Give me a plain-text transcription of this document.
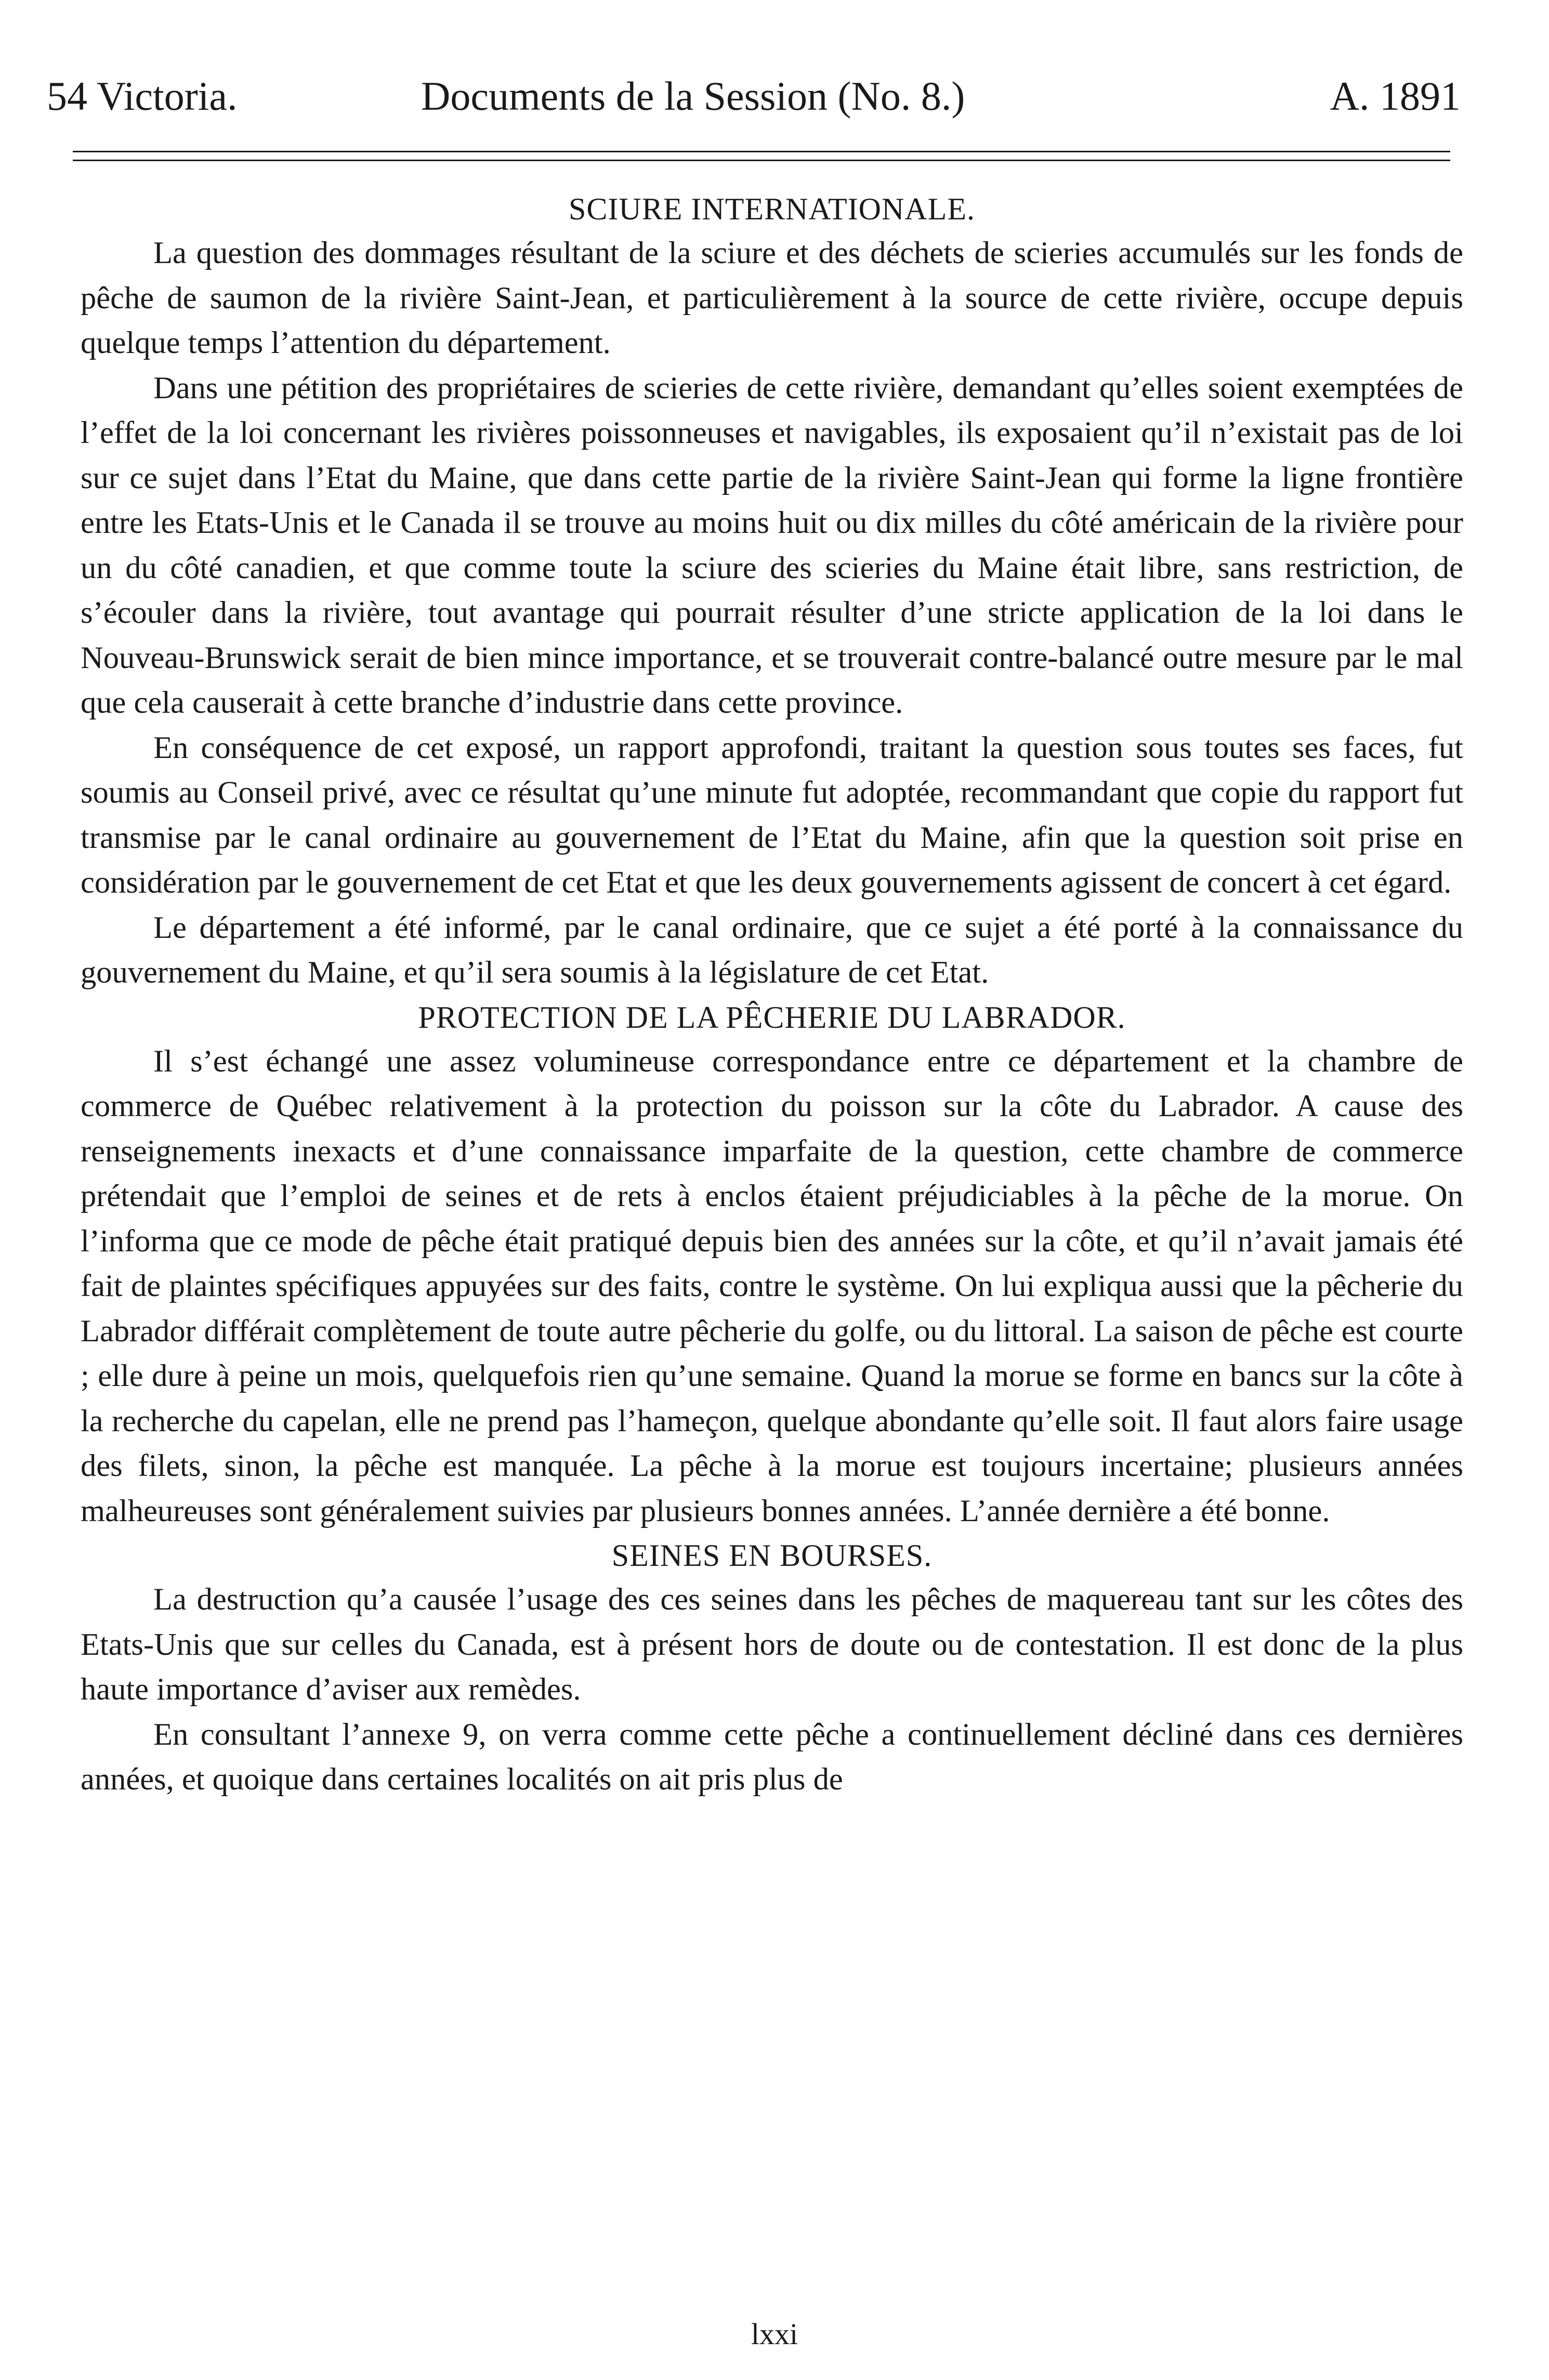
54 Victoria.	Documents de la Session (No. 8.)	A. 1891
SCIURE INTERNATIONALE.

La question des dommages résultant de la sciure et des déchets de scieries accumulés sur les fonds de pêche de saumon de la rivière Saint-Jean, et particulièrement à la source de cette rivière, occupe depuis quelque temps l’attention du département.

Dans une pétition des propriétaires de scieries de cette rivière, demandant qu’elles soient exemptées de l’effet de la loi concernant les rivières poissonneuses et navigables, ils exposaient qu’il n’existait pas de loi sur ce sujet dans l’Etat du Maine, que dans cette partie de la rivière Saint-Jean qui forme la ligne frontière entre les Etats-Unis et le Canada il se trouve au moins huit ou dix milles du côté américain de la rivière pour un du côté canadien, et que comme toute la sciure des scieries du Maine était libre, sans restriction, de s’écouler dans la rivière, tout avantage qui pourrait résulter d’une stricte application de la loi dans le Nouveau-Brunswick serait de bien mince importance, et se trouverait contre-balancé outre mesure par le mal que cela causerait à cette branche d’industrie dans cette province.

En conséquence de cet exposé, un rapport approfondi, traitant la question sous toutes ses faces, fut soumis au Conseil privé, avec ce résultat qu’une minute fut adoptée, recommandant que copie du rapport fut transmise par le canal ordinaire au gouvernement de l’Etat du Maine, afin que la question soit prise en considération par le gouvernement de cet Etat et que les deux gouvernements agissent de concert à cet égard.

Le département a été informé, par le canal ordinaire, que ce sujet a été porté à la connaissance du gouvernement du Maine, et qu’il sera soumis à la législature de cet Etat.

PROTECTION DE LA PÊCHERIE DU LABRADOR.

Il s’est échangé une assez volumineuse correspondance entre ce département et la chambre de commerce de Québec relativement à la protection du poisson sur la côte du Labrador. A cause des renseignements inexacts et d’une connaissance imparfaite de la question, cette chambre de commerce prétendait que l’emploi de seines et de rets à enclos étaient préjudiciables à la pêche de la morue. On l’informa que ce mode de pêche était pratiqué depuis bien des années sur la côte, et qu’il n’avait jamais été fait de plaintes spécifiques appuyées sur des faits, contre le système. On lui expliqua aussi que la pêcherie du Labrador différait complètement de toute autre pêcherie du golfe, ou du littoral. La saison de pêche est courte ; elle dure à peine un mois, quelquefois rien qu’une semaine. Quand la morue se forme en bancs sur la côte à la recherche du capelan, elle ne prend pas l’hameçon, quelque abondante qu’elle soit. Il faut alors faire usage des filets, sinon, la pêche est manquée. La pêche à la morue est toujours incertaine; plusieurs années malheureuses sont généralement suivies par plusieurs bonnes années. L’année dernière a été bonne.

SEINES EN BOURSES.

La destruction qu’a causée l’usage des ces seines dans les pêches de maquereau tant sur les côtes des Etats-Unis que sur celles du Canada, est à présent hors de doute ou de contestation. Il est donc de la plus haute importance d’aviser aux remèdes.

En consultant l’annexe 9, on verra comme cette pêche a continuellement décliné dans ces dernières années, et quoique dans certaines localités on ait pris plus de

lxxi
